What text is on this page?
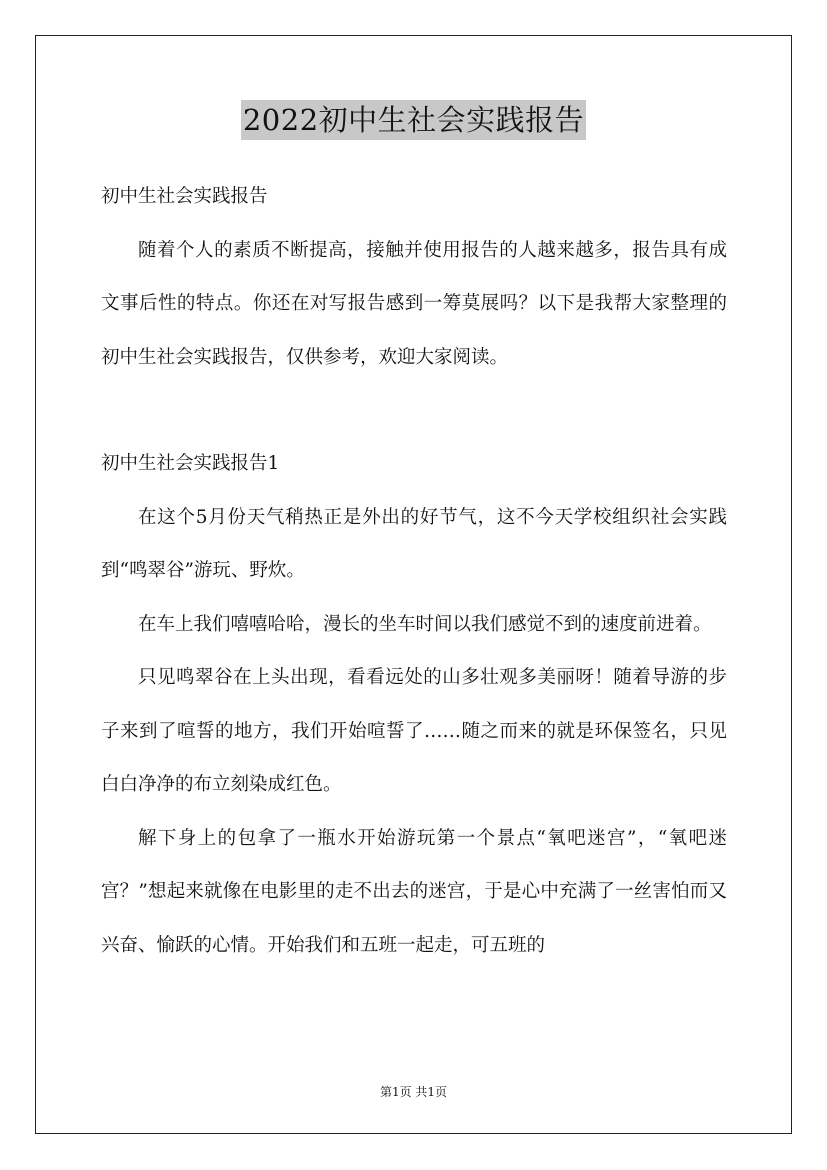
2022初中生社会实践报告

初中生社会实践报告

随着个人的素质不断提高，接触并使用报告的人越来越多，报告具有成文事后性的特点。你还在对写报告感到一筹莫展吗？以下是我帮大家整理的初中生社会实践报告，仅供参考，欢迎大家阅读。

初中生社会实践报告1

在这个5月份天气稍热正是外出的好节气，这不今天学校组织社会实践到“鸣翠谷”游玩、野炊。

在车上我们嘻嘻哈哈，漫长的坐车时间以我们感觉不到的速度前进着。

只见鸣翠谷在上头出现，看看远处的山多壮观多美丽呀！随着导游的步子来到了喧誓的地方，我们开始喧誓了……随之而来的就是环保签名，只见白白净净的布立刻染成红色。

解下身上的包拿了一瓶水开始游玩第一个景点“氧吧迷宫”，“氧吧迷宫？”想起来就像在电影里的走不出去的迷宫，于是心中充满了一丝害怕而又兴奋、愉跃的心情。开始我们和五班一起走，可五班的

第1页 共1页
